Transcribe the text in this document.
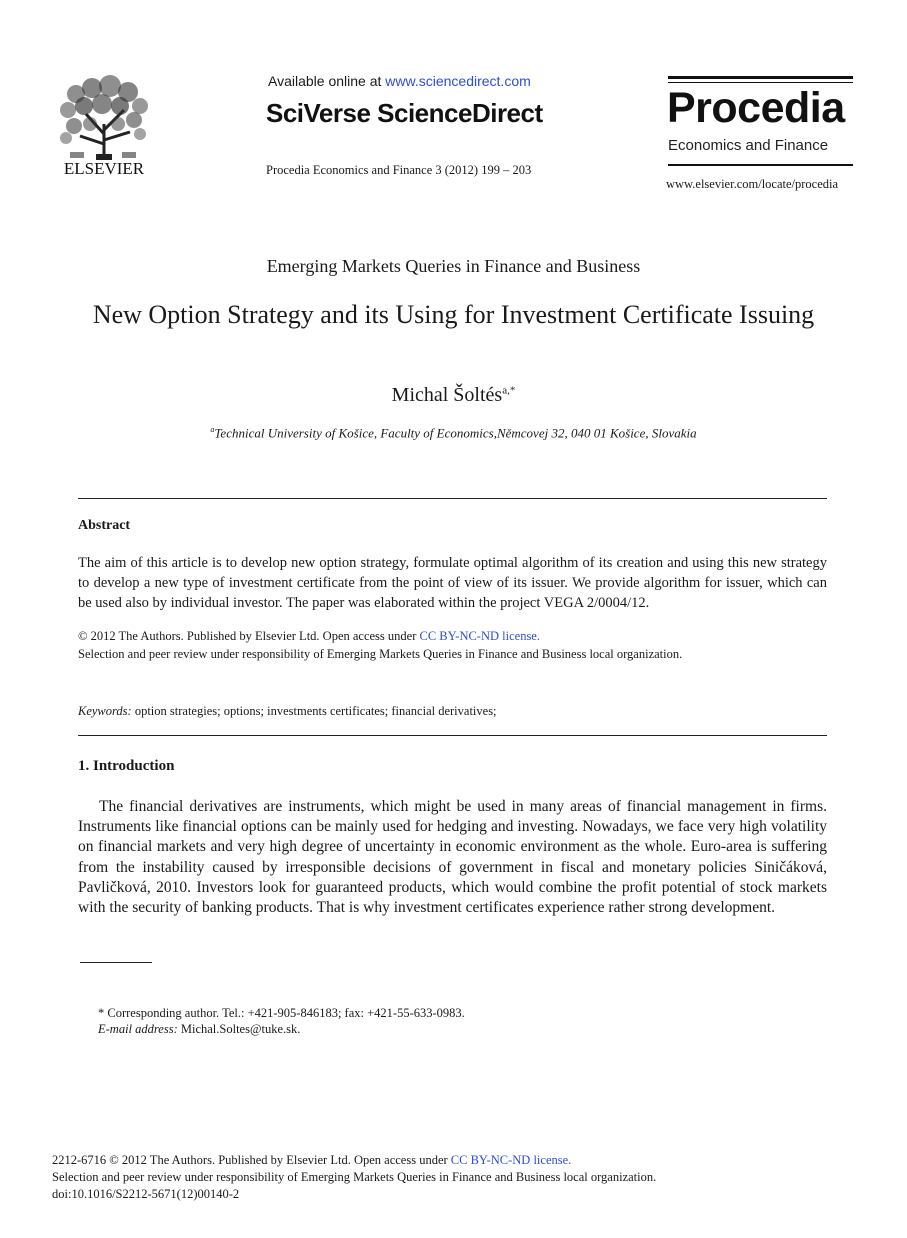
ELSEVIER
Available online at www.sciencedirect.com
SciVerse ScienceDirect
Procedia Economics and Finance 3 (2012) 199 – 203
Procedia
Economics and Finance
www.elsevier.com/locate/procedia
Emerging Markets Queries in Finance and Business
New Option Strategy and its Using for Investment Certificate Issuing
Michal Šoltés$^{a,*}$
$^a$Technical University of Košice, Faculty of Economics,Němcovej 32, 040 01 Košice, Slovakia
Abstract
The aim of this article is to develop new option strategy, formulate optimal algorithm of its creation and using this new strategy to develop a new type of investment certificate from the point of view of its issuer. We provide algorithm for issuer, which can be used also by individual investor. The paper was elaborated within the project VEGA 2/0004/12.
© 2012 The Authors. Published by Elsevier Ltd. Open access under CC BY-NC-ND license.
Selection and peer review under responsibility of Emerging Markets Queries in Finance and Business local organization.
Keywords: option strategies; options; investments certificates; financial derivatives;
1. Introduction
The financial derivatives are instruments, which might be used in many areas of financial management in firms. Instruments like financial options can be mainly used for hedging and investing. Nowadays, we face very high volatility on financial markets and very high degree of uncertainty in economic environment as the whole. Euro-area is suffering from the instability caused by irresponsible decisions of government in fiscal and monetary policies Siničáková, Pavličková, 2010. Investors look for guaranteed products, which would combine the profit potential of stock markets with the security of banking products. That is why investment certificates experience rather strong development.
* Corresponding author. Tel.: +421-905-846183; fax: +421-55-633-0983.
E-mail address: Michal.Soltes@tuke.sk.
2212-6716 © 2012 The Authors. Published by Elsevier Ltd. Open access under CC BY-NC-ND license.
Selection and peer review under responsibility of Emerging Markets Queries in Finance and Business local organization.
doi:10.1016/S2212-5671(12)00140-2
